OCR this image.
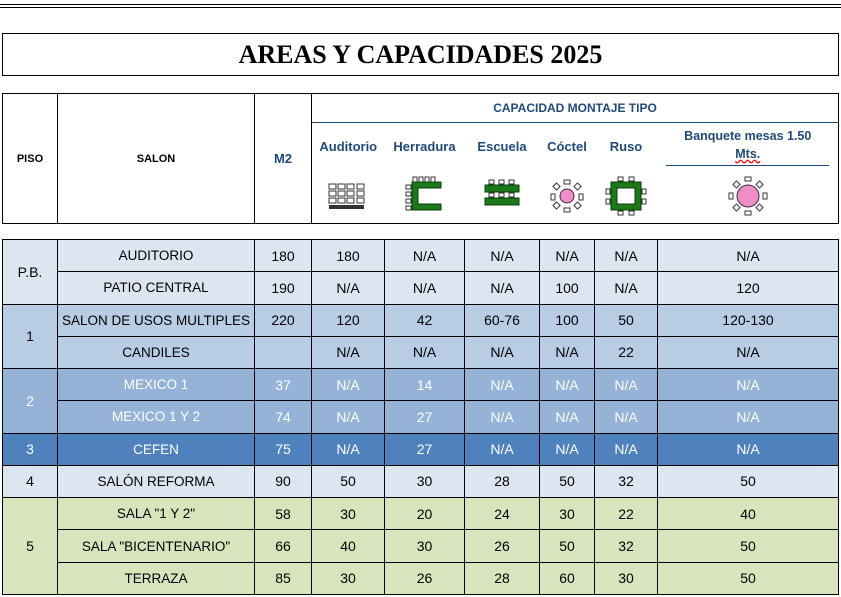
AREAS Y CAPACIDADES 2025
PISO	SALON	M2	CAPACIDAD MONTAJE TIPO					
			Auditorio	Herradura	Escuela	Cóctel	Ruso	Banquete mesas 1.50
Mts.

P.B.	AUDITORIO	180	180	N/A	N/A	N/A	N/A	N/A
	PATIO CENTRAL	190	N/A	N/A	N/A	100	N/A	120
1	SALON DE USOS MULTIPLES	220	120	42	60-76	100	50	120-130
	CANDILES		N/A	N/A	N/A	N/A	22	N/A
2	MEXICO 1	37	N/A	14	N/A	N/A	N/A	N/A
	MEXICO 1 Y 2	74	N/A	27	N/A	N/A	N/A	N/A
3	CEFEN	75	N/A	27	N/A	N/A	N/A	N/A
4	SALÓN REFORMA	90	50	30	28	50	32	50
5	SALA "1 Y 2"	58	30	20	24	30	22	40
	SALA "BICENTENARIO"	66	40	30	26	50	32	50
	TERRAZA	85	30	26	28	60	30	50
